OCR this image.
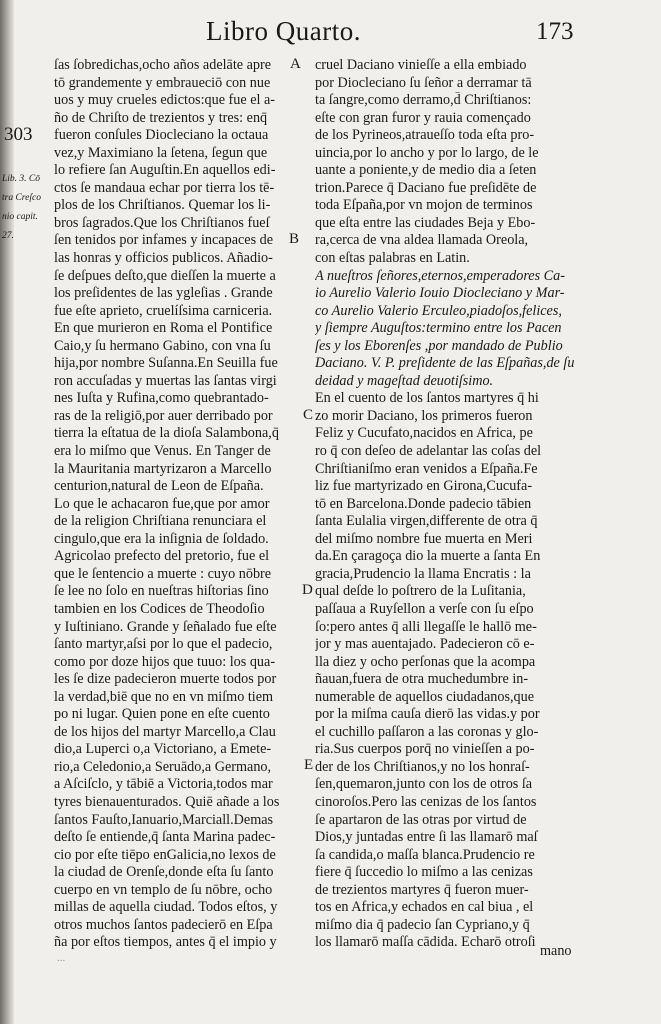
Libro Quarto.	173
303
Lib. 3. Cō
tra Creſco
nio capit.
27.
A
B
C
D
E
ſas ſobredichas,ocho años adelāte apre
tō grandemente y embraueciō con nue
uos y muy crueles edictos:que fue el a-
ño de Chriſto de trezientos y tres: enq̄
fueron conſules Diocleciano la octaua
vez,y Maximiano la ſetena, ſegun que
lo refiere ſan Auguſtin.En aquellos edi-
ctos ſe mandaua echar por tierra los tē-
plos de los Chriſtianos. Quemar los li-
bros ſagrados.Que los Chriſtianos fueſ
ſen tenidos por infames y incapaces de
las honras y officios publicos. Añadio-
ſe deſpues deſto,que dieſſen la muerte a
los preſidentes de las ygleſias . Grande
fue eſte aprieto, cruelíſsima carniceria.
En que murieron en Roma el Pontifice
Caio,y ſu hermano Gabino, con vna ſu
hija,por nombre Suſanna.En Seuilla fue
ron accuſadas y muertas las ſantas virgi
nes Iuſta y Rufina,como quebrantado-
ras de la religiō,por auer derribado por
tierra la eſtatua de la dioſa Salambona,q̄
era lo miſmo que Venus. En Tanger de
la Mauritania martyrizaron a Marcello
centurion,natural de Leon de Eſpaña.
Lo que le achacaron fue,que por amor
de la religion Chriſtiana renunciara el
cingulo,que era la inſignia de ſoldado.
Agricolao prefecto del pretorio, fue el
que le ſentencio a muerte : cuyo nōbre
ſe lee no ſolo en nueſtras hiſtorias ſino
tambien en los Codices de Theodoſio
y Iuſtiniano. Grande y ſeñalado fue eſte
ſanto martyr,aſsi por lo que el padecio,
como por doze hijos que tuuo: los qua-
les ſe dize padecieron muerte todos por
la verdad,biē que no en vn miſmo tiem
po ni lugar. Quien pone en eſte cuento
de los hijos del martyr Marcello,a Clau
dio,a Luperci o,a Victoriano, a Emete-
rio,a Celedonio,a Seruādo,a Germano,
a Aſciſclo, y tābiē a Victoria,todos mar
tyres bienauenturados. Quiē añade a los
ſantos Fauſto,Ianuario,Marciall.Demas
deſto ſe entiende,q̄ ſanta Marina padec-
cio por eſte tiēpo enGalicia,no lexos de
la ciudad de Orenſe,donde eſta ſu ſanto
cuerpo en vn templo de ſu nōbre, ocho
millas de aquella ciudad. Todos eſtos, y
otros muchos ſantos padecierō en Eſpa
ña por eſtos tiempos, antes q̄ el impio y
cruel Daciano vinieſſe a ella embiado
por Diocleciano ſu ſeñor a derramar tā
ta ſangre,como derramo,d̄ Chriſtianos:
eſte con gran furor y rauia començado
de los Pyrineos,atraueſſo toda eſta pro-
uincia,por lo ancho y por lo largo, de le
uante a poniente,y de medio dia a ſeten
trion.Parece q̄ Daciano fue preſidēte de
toda Eſpaña,por vn mojon de terminos
que eſta entre las ciudades Beja y Ebo-
ra,cerca de vna aldea llamada Oreola,
con eſtas palabras en Latin.
A nueſtros ſeñores,eternos,emperadores Ca-
io Aurelio Valerio Iouio Diocleciano y Mar-
co Aurelio Valerio Erculeo,piadoſos,felices,
y ſiempre Auguſtos:termino entre los Pacen
ſes y los Eborenſes ,por mandado de Publio
Daciano. V. P. preſidente de las Eſpañas,de ſu
deidad y mageſtad deuotiſsimo.
En el cuento de los ſantos martyres q̄ hi
zo morir Daciano, los primeros fueron
Feliz y Cucufato,nacidos en Africa, pe
ro q̄ con deſeo de adelantar las coſas del
Chriſtianiſmo eran venidos a Eſpaña.Fe
liz fue martyrizado en Girona,Cucufa-
tō en Barcelona.Donde padecio tābien
ſanta Eulalia virgen,differente de otra q̄
del miſmo nombre fue muerta en Meri
da.En çaragoça dio la muerte a ſanta En
gracia,Prudencio la llama Encratis : la
qual deſde lo poſtrero de la Luſitania,
paſſaua a Ruyſellon a verſe con ſu eſpo
ſo:pero antes q̄ alli llegaſſe le hallō me-
jor y mas auentajado. Padecieron cō e-
lla diez y ocho perſonas que la acompa
ñauan,fuera de otra muchedumbre in-
numerable de aquellos ciudadanos,que
por la miſma cauſa dierō las vidas.y por
el cuchillo paſſaron a las coronas y glo-
ria.Sus cuerpos porq̄ no vinieſſen a po-
der de los Chriſtianos,y no los honraſ-
ſen,quemaron,junto con los de otros ſa
cinoroſos.Pero las cenizas de los ſantos
ſe apartaron de las otras por virtud de
Dios,y juntadas entre ſi las llamarō maſ
ſa candida,o maſſa blanca.Prudencio re
fiere q̄ ſuccedio lo miſmo a las cenizas
de trezientos martyres q̄ fueron muer-
tos en Africa,y echados en cal biua , el
miſmo dia q̄ padecio ſan Cypriano,y q̄
los llamarō maſſa cādida. Echarō otroſi
mano
...
